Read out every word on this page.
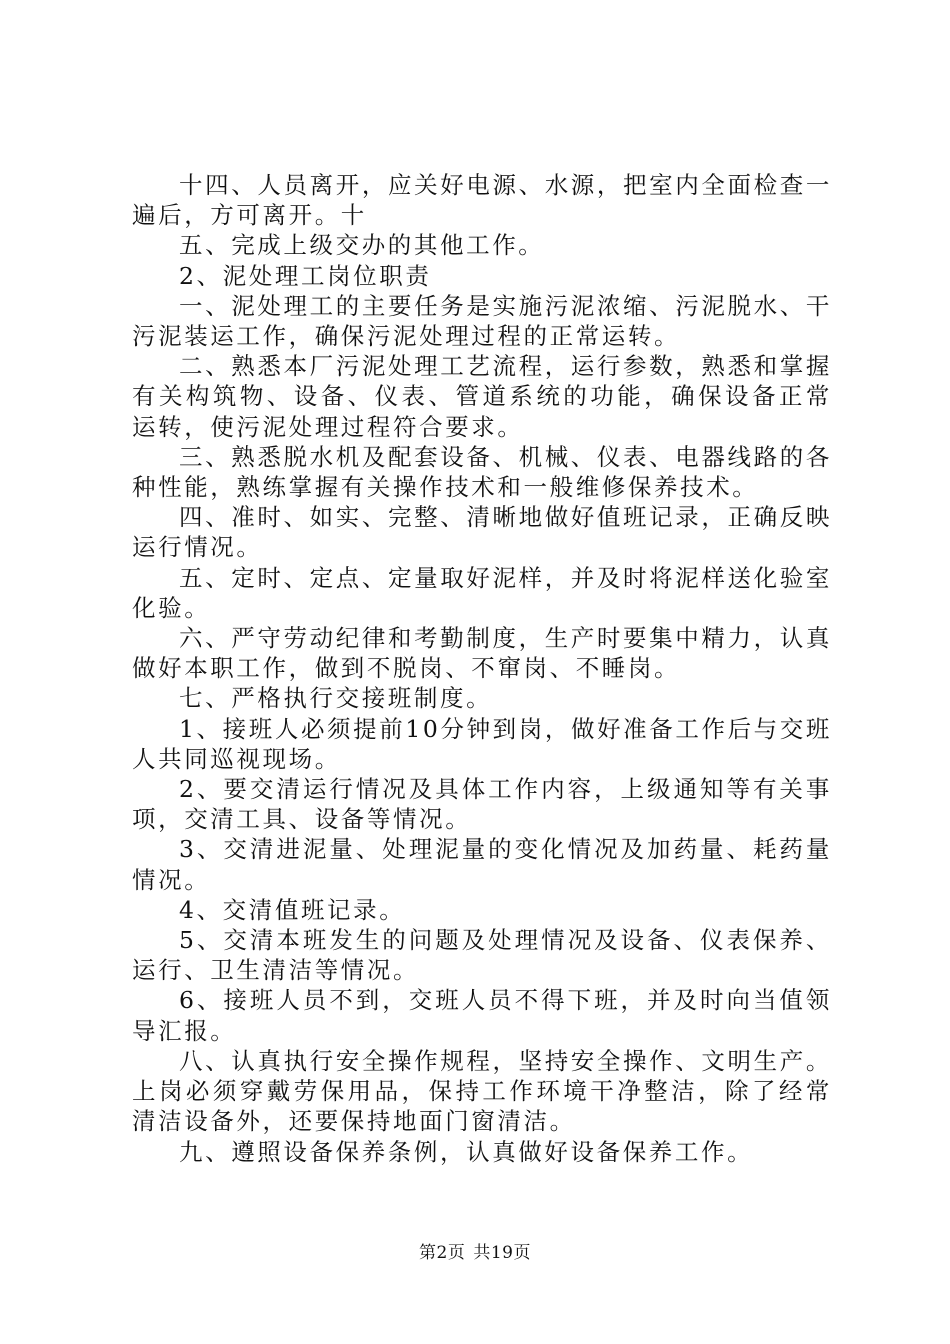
十四、人员离开，应关好电源、水源，把室内全面检查一遍后，方可离开。十

五、完成上级交办的其他工作。

2、泥处理工岗位职责

一、泥处理工的主要任务是实施污泥浓缩、污泥脱水、干污泥装运工作，确保污泥处理过程的正常运转。

二、熟悉本厂污泥处理工艺流程，运行参数，熟悉和掌握有关构筑物、设备、仪表、管道系统的功能，确保设备正常运转，使污泥处理过程符合要求。

三、熟悉脱水机及配套设备、机械、仪表、电器线路的各种性能，熟练掌握有关操作技术和一般维修保养技术。

四、准时、如实、完整、清晰地做好值班记录，正确反映运行情况。

五、定时、定点、定量取好泥样，并及时将泥样送化验室化验。

六、严守劳动纪律和考勤制度，生产时要集中精力，认真做好本职工作，做到不脱岗、不窜岗、不睡岗。

七、严格执行交接班制度。

1、接班人必须提前10分钟到岗，做好准备工作后与交班人共同巡视现场。

2、要交清运行情况及具体工作内容，上级通知等有关事项，交清工具、设备等情况。

3、交清进泥量、处理泥量的变化情况及加药量、耗药量情况。

4、交清值班记录。

5、交清本班发生的问题及处理情况及设备、仪表保养、运行、卫生清洁等情况。

6、接班人员不到，交班人员不得下班，并及时向当值领导汇报。

八、认真执行安全操作规程，坚持安全操作、文明生产。上岗必须穿戴劳保用品，保持工作环境干净整洁，除了经常清洁设备外，还要保持地面门窗清洁。

九、遵照设备保养条例，认真做好设备保养工作。

第2页 共19页
